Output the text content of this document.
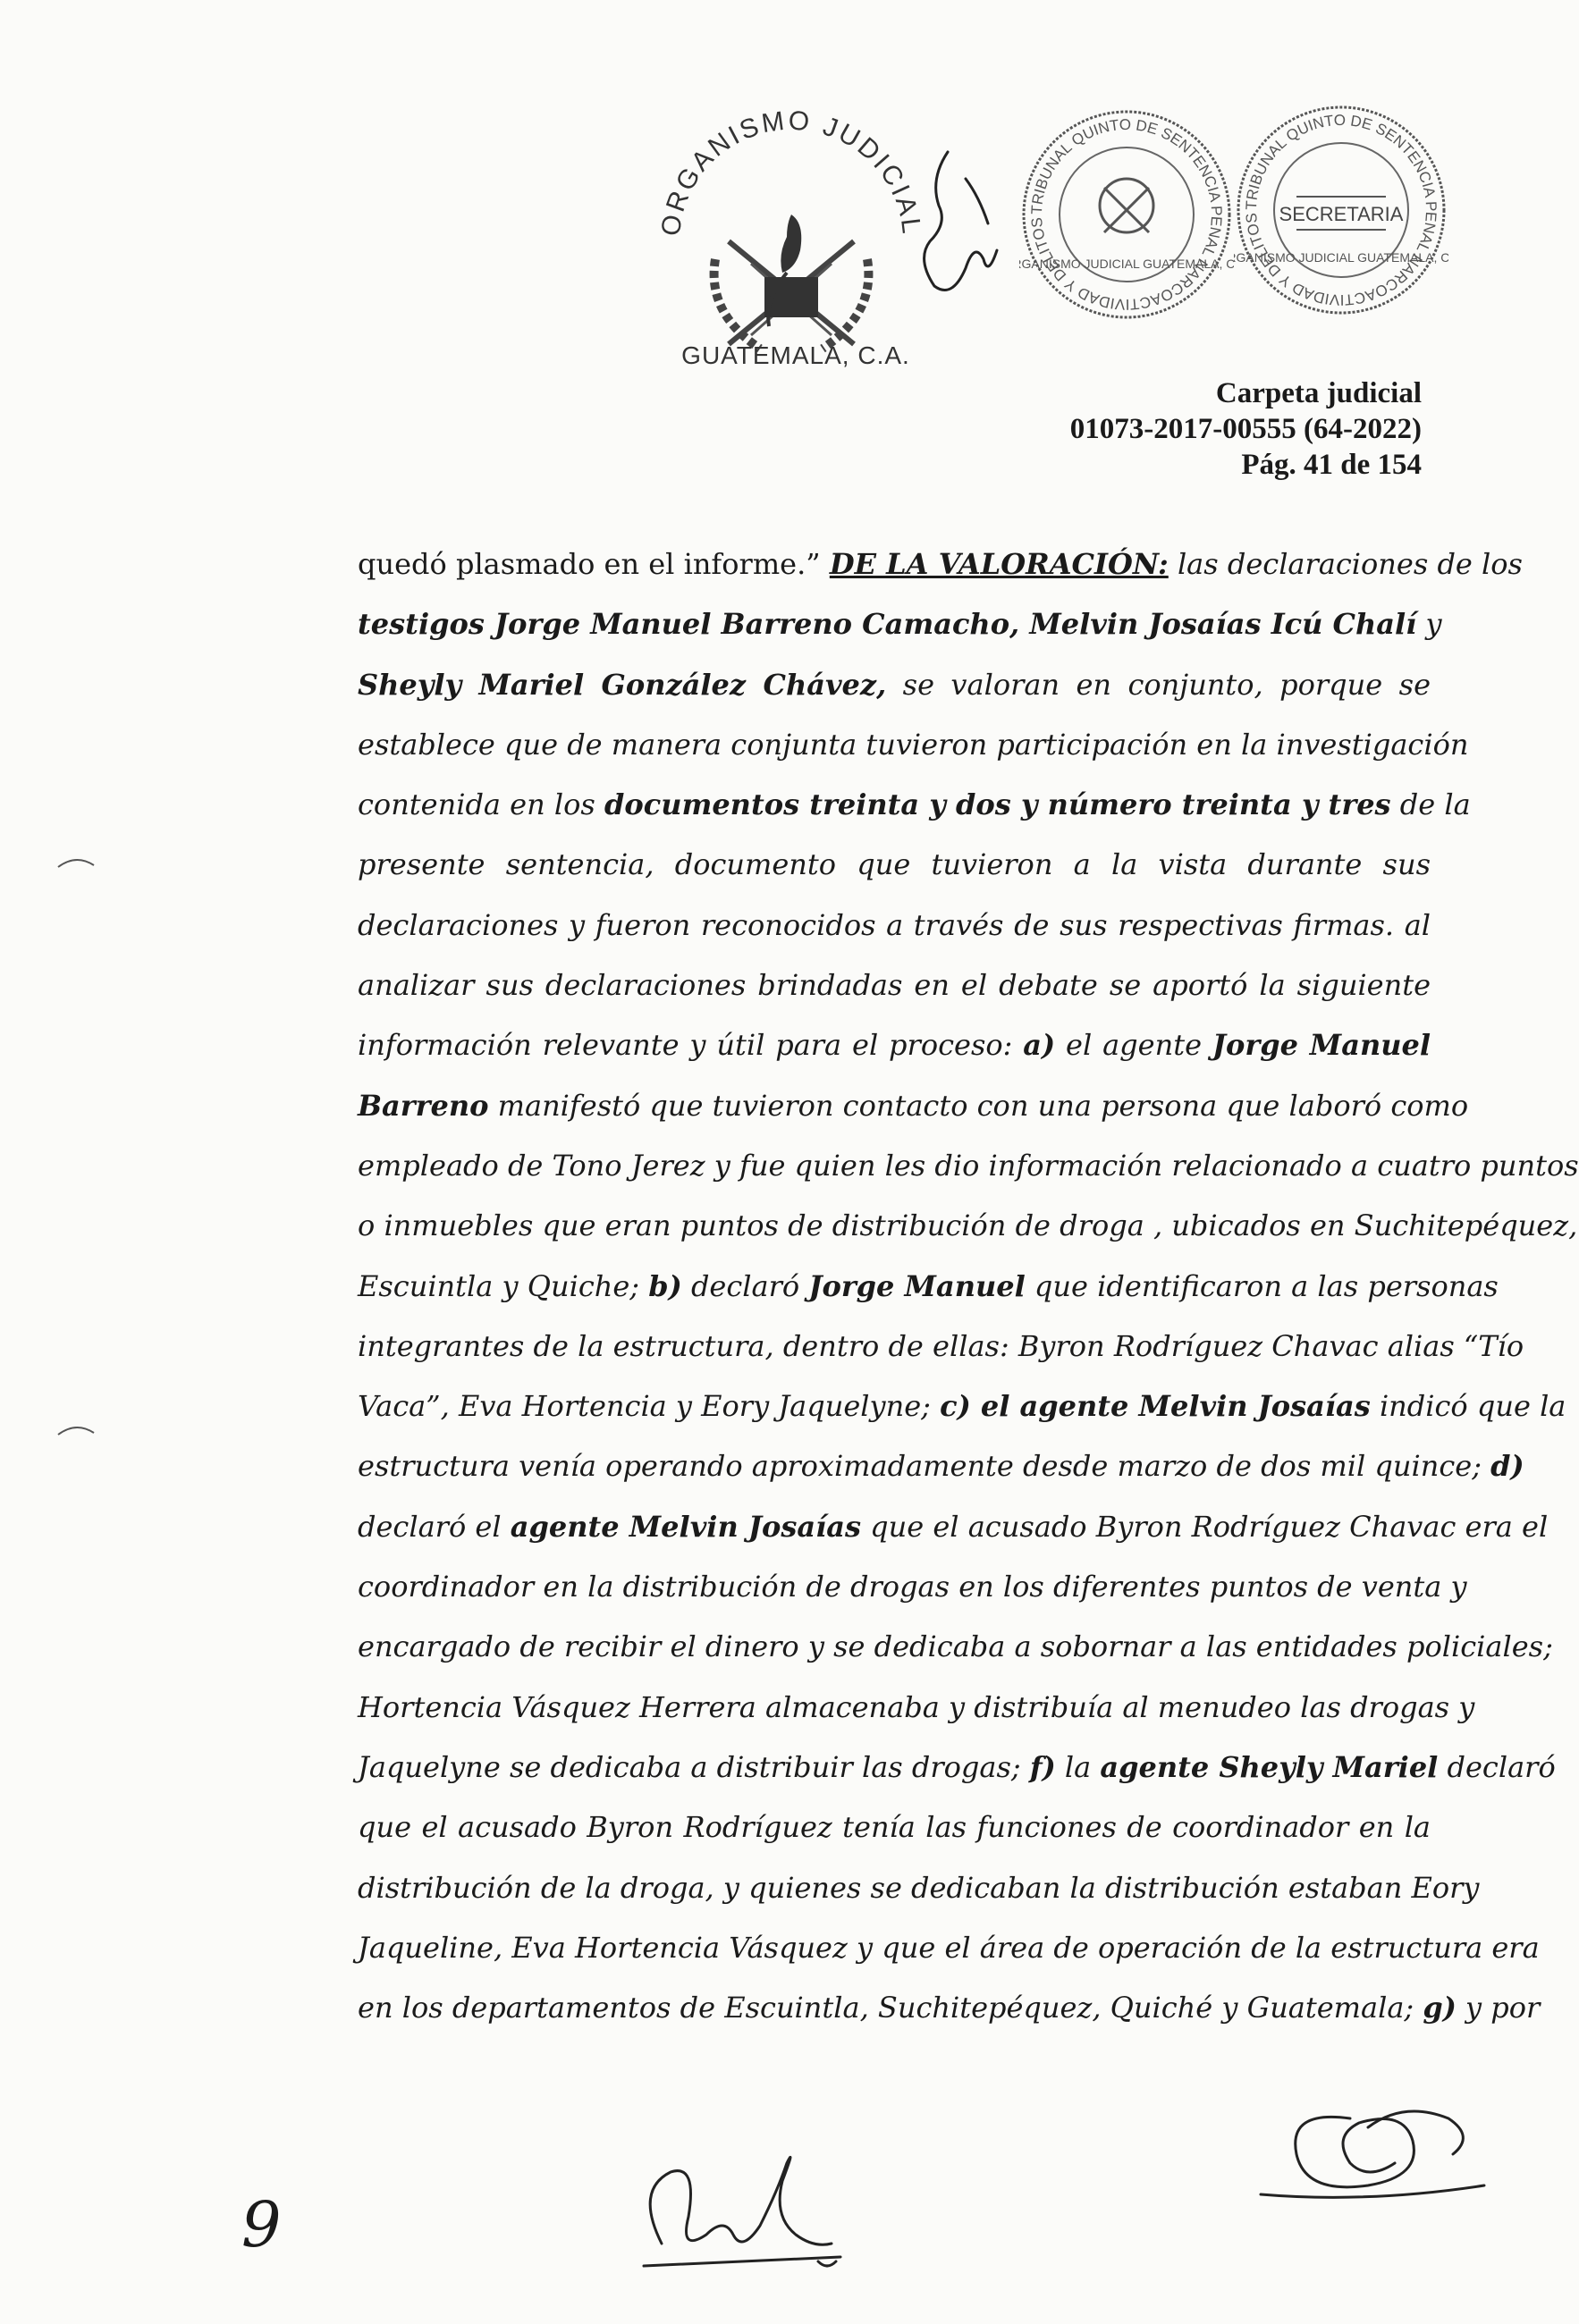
ORGANISMO JUDICIAL
GUATEMALA, C.A.
TRIBUNAL QUINTO DE SENTENCIA PENAL NARCOACTIVIDAD Y DELITOS
GANISMO JUDICIAL GUATEMALA, C
TRIBUNAL QUINTO DE SENTENCIA PENAL NARCOACTIVIDAD Y DELITOS SECRETARIA
GANISMO JUDICIAL GUATEMALA, C
Carpeta judicial
01073-2017-00555 (64-2022)
Pág. 41 de 154
quedó plasmado en el informe.” DE LA VALORACIÓN: las declaraciones de los
testigos Jorge Manuel Barreno Camacho, Melvin Josaías Icú Chalí y
Sheyly Mariel González Chávez, se valoran en conjunto, porque se
establece que de manera conjunta tuvieron participación en la investigación
contenida en los documentos treinta y dos y número treinta y tres de la
presente sentencia, documento que tuvieron a la vista durante sus
declaraciones y fueron reconocidos a través de sus respectivas firmas. al
analizar sus declaraciones brindadas en el debate se aportó la siguiente
información relevante y útil para el proceso: a) el agente Jorge Manuel
Barreno manifestó que tuvieron contacto con una persona que laboró como
empleado de Tono Jerez y fue quien les dio información relacionado a cuatro puntos
o inmuebles que eran puntos de distribución de droga , ubicados en Suchitepéquez,
Escuintla y Quiche; b) declaró Jorge Manuel que identificaron a las personas
integrantes de la estructura, dentro de ellas: Byron Rodríguez Chavac alias “Tío
Vaca”, Eva Hortencia y Eory Jaquelyne; c) el agente Melvin Josaías indicó que la
estructura venía operando aproximadamente desde marzo de dos mil quince; d)
declaró el agente Melvin Josaías que el acusado Byron Rodríguez Chavac era el
coordinador en la distribución de drogas en los diferentes puntos de venta y
encargado de recibir el dinero y se dedicaba a sobornar a las entidades policiales;
Hortencia Vásquez Herrera almacenaba y distribuía al menudeo las drogas y
Jaquelyne se dedicaba a distribuir las drogas; f) la agente Sheyly Mariel declaró
que el acusado Byron Rodríguez tenía las funciones de coordinador en la
distribución de la droga, y quienes se dedicaban la distribución estaban Eory
Jaqueline, Eva Hortencia Vásquez y que el área de operación de la estructura era
en los departamentos de Escuintla, Suchitepéquez, Quiché y Guatemala; g) y por
9
